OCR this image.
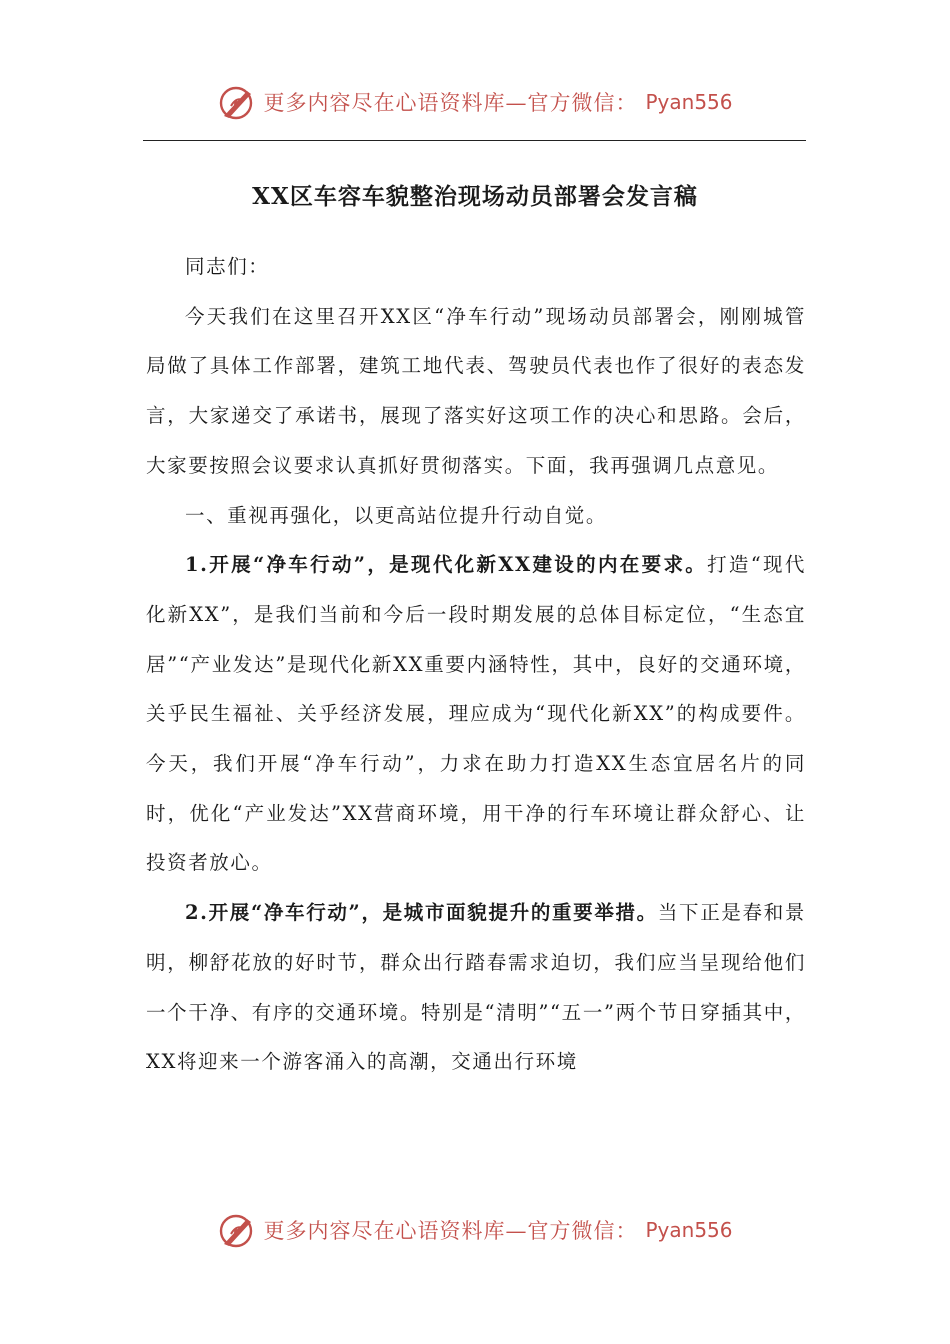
更多内容尽在心语资料库—官方微信： Pyan556
XX区车容车貌整治现场动员部署会发言稿

同志们：

今天我们在这里召开XX区“净车行动”现场动员部署会，刚刚城管局做了具体工作部署，建筑工地代表、驾驶员代表也作了很好的表态发言，大家递交了承诺书，展现了落实好这项工作的决心和思路。会后，大家要按照会议要求认真抓好贯彻落实。下面，我再强调几点意见。

一、重视再强化，以更高站位提升行动自觉。

1.开展“净车行动”，是现代化新XX建设的内在要求。打造“现代化新XX”，是我们当前和今后一段时期发展的总体目标定位，“生态宜居”“产业发达”是现代化新XX重要内涵特性，其中，良好的交通环境，关乎民生福祉、关乎经济发展，理应成为“现代化新XX”的构成要件。今天，我们开展“净车行动”，力求在助力打造XX生态宜居名片的同时，优化“产业发达”XX营商环境，用干净的行车环境让群众舒心、让投资者放心。

2.开展“净车行动”，是城市面貌提升的重要举措。当下正是春和景明，柳舒花放的好时节，群众出行踏春需求迫切，我们应当呈现给他们一个干净、有序的交通环境。特别是“清明”“五一”两个节日穿插其中，XX将迎来一个游客涌入的高潮，交通出行环境

更多内容尽在心语资料库—官方微信： Pyan556
